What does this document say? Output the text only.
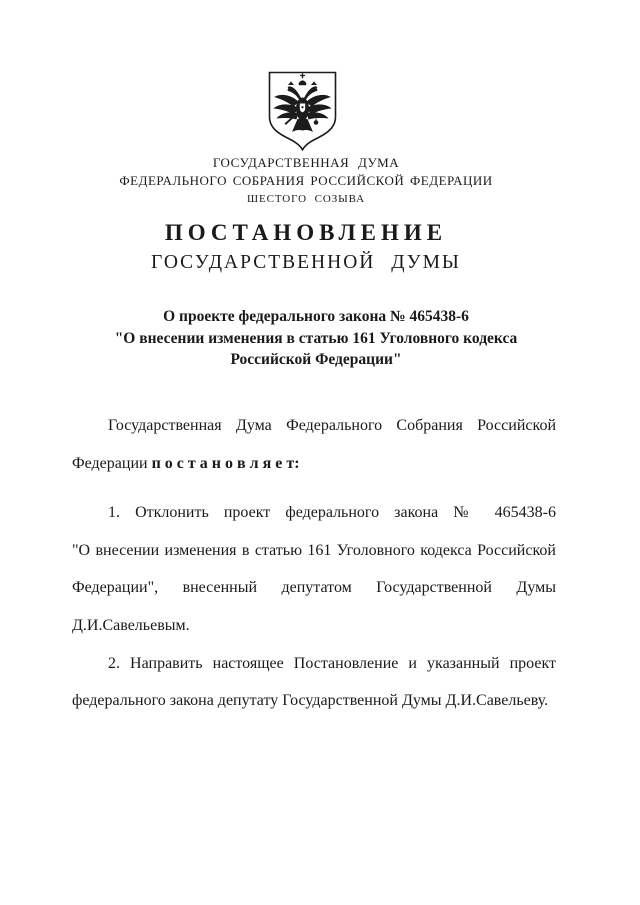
ГОСУДАРСТВЕННАЯ ДУМА
ФЕДЕРАЛЬНОГО СОБРАНИЯ РОССИЙСКОЙ ФЕДЕРАЦИИ
ШЕСТОГО СОЗЫВА
ПОСТАНОВЛЕНИЕ
ГОСУДАРСТВЕННОЙ ДУМЫ
О проекте федерального закона № 465438-6
"О внесении изменения в статью 161 Уголовного кодекса
Российской Федерации"
Государственная Дума Федерального Собрания Российской
Федерации п о с т а н о в л я е т:
1. Отклонить проект федерального закона № 465438-6
"О внесении изменения в статью 161 Уголовного кодекса Российской
Федерации", внесенный депутатом Государственной Думы
Д.И.Савельевым.
2. Направить настоящее Постановление и указанный проект
федерального закона депутату Государственной Думы Д.И.Савельеву.
